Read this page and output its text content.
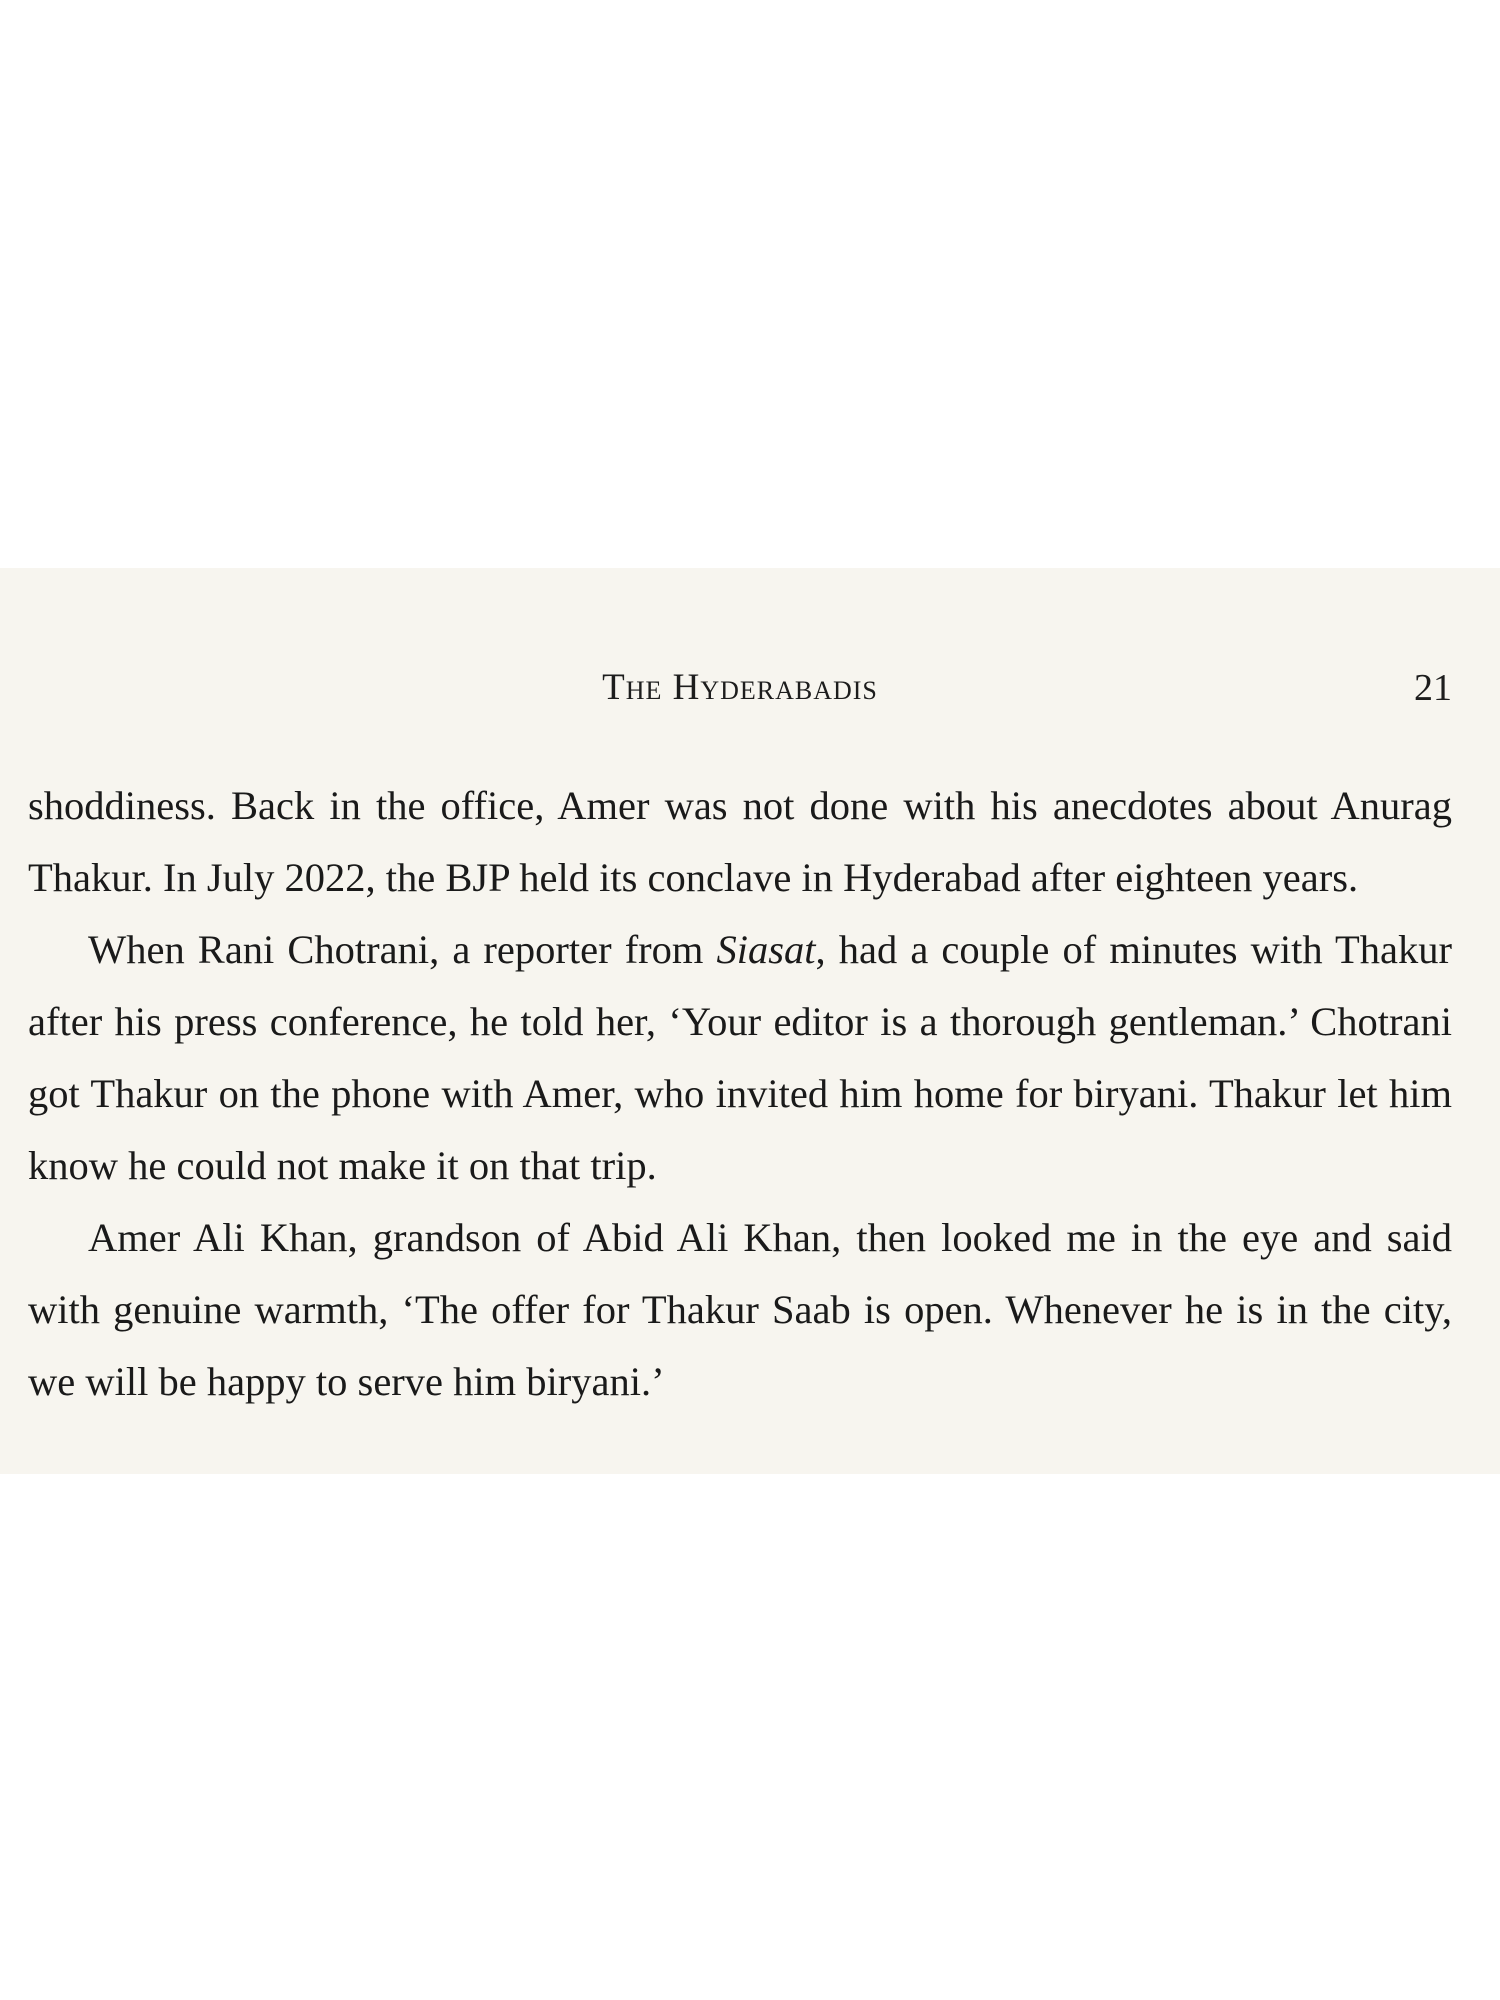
The Hyderabadis	21

shoddiness. Back in the office, Amer was not done with his anecdotes about Anurag Thakur. In July 2022, the BJP held its conclave in Hyderabad after eighteen years.

When Rani Chotrani, a reporter from Siasat, had a couple of minutes with Thakur after his press conference, he told her, ‘Your editor is a thorough gentleman.’ Chotrani got Thakur on the phone with Amer, who invited him home for biryani. Thakur let him know he could not make it on that trip.

Amer Ali Khan, grandson of Abid Ali Khan, then looked me in the eye and said with genuine warmth, ‘The offer for Thakur Saab is open. Whenever he is in the city, we will be happy to serve him biryani.’
